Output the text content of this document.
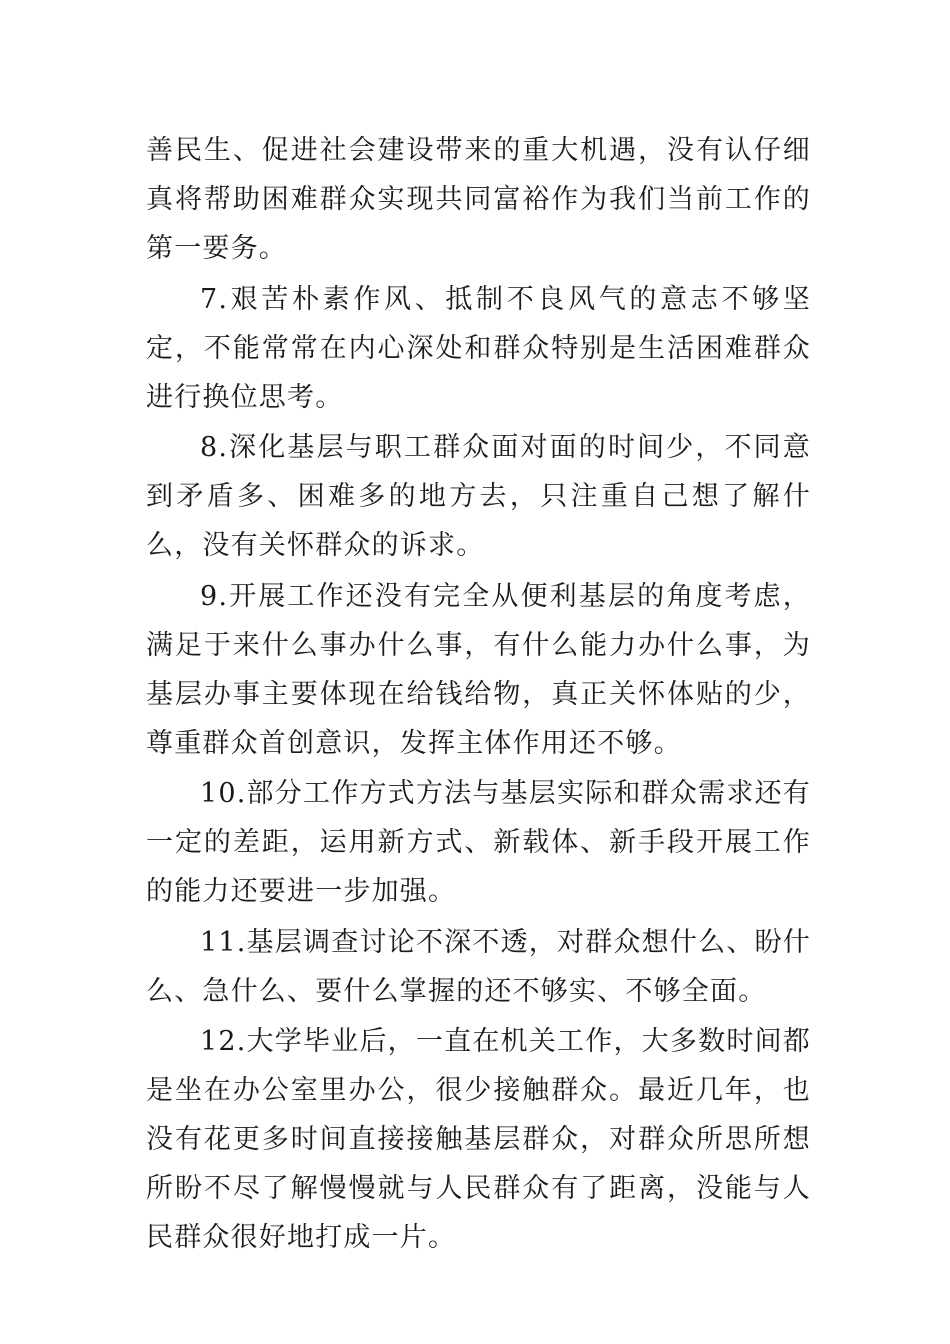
善民生、促进社会建设带来的重大机遇，没有认仔细真将帮助困难群众实现共同富裕作为我们当前工作的第一要务。

7.艰苦朴素作风、抵制不良风气的意志不够坚定，不能常常在内心深处和群众特别是生活困难群众进行换位思考。

8.深化基层与职工群众面对面的时间少，不同意到矛盾多、困难多的地方去，只注重自己想了解什么，没有关怀群众的诉求。

9.开展工作还没有完全从便利基层的角度考虑，满足于来什么事办什么事，有什么能力办什么事，为基层办事主要体现在给钱给物，真正关怀体贴的少，尊重群众首创意识，发挥主体作用还不够。

10.部分工作方式方法与基层实际和群众需求还有一定的差距，运用新方式、新载体、新手段开展工作的能力还要进一步加强。

11.基层调查讨论不深不透，对群众想什么、盼什么、急什么、要什么掌握的还不够实、不够全面。

12.大学毕业后，一直在机关工作，大多数时间都是坐在办公室里办公，很少接触群众。最近几年，也没有花更多时间直接接触基层群众，对群众所思所想所盼不尽了解慢慢就与人民群众有了距离，没能与人民群众很好地打成一片。
